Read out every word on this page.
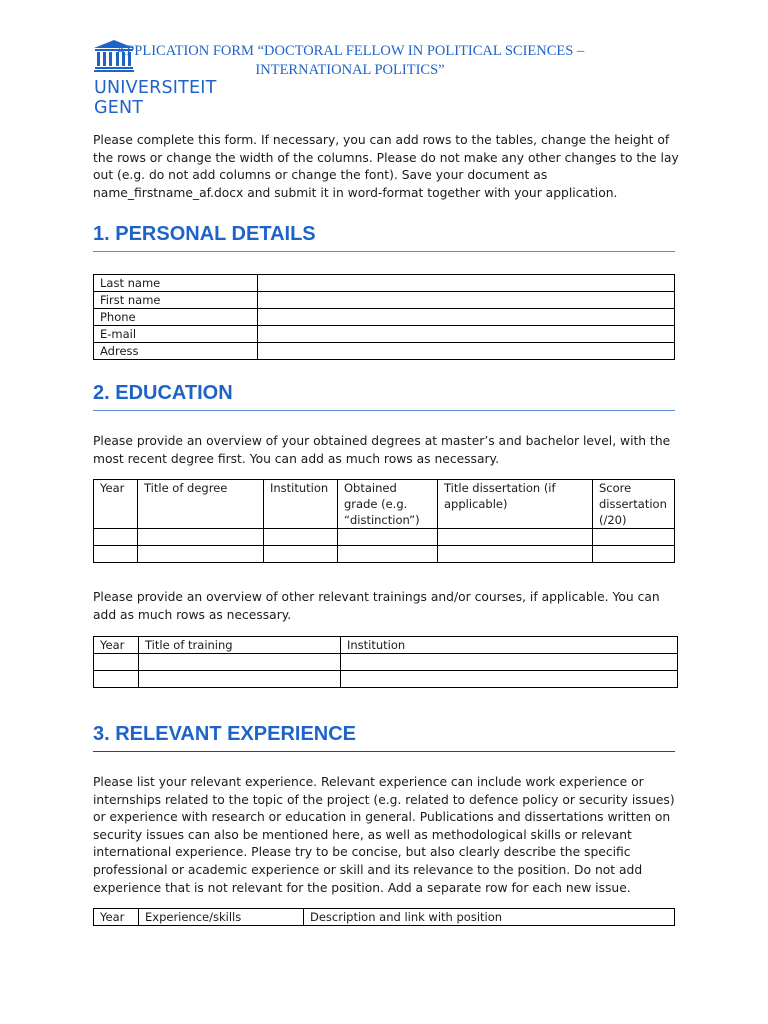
UNIVERSITEIT
GENT
APPLICATION FORM “DOCTORAL FELLOW IN POLITICAL SCIENCES – INTERNATIONAL POLITICS”

Please complete this form. If necessary, you can add rows to the tables, change the height of the rows or change the width of the columns. Please do not make any other changes to the lay out (e.g. do not add columns or change the font). Save your document as name_firstname_af.docx and submit it in word-format together with your application.

1. PERSONAL DETAILS
Last name	
First name	
Phone	
E-mail	
Adress	
2. EDUCATION

Please provide an overview of your obtained degrees at master’s and bachelor level, with the most recent degree first. You can add as much rows as necessary.

Year	Title of degree	Institution	Obtained grade (e.g. “distinction”)	Title dissertation (if applicable)	Score dissertation (/20)

Please provide an overview of other relevant trainings and/or courses, if applicable. You can add as much rows as necessary.

Year	Title of training	Institution

3. RELEVANT EXPERIENCE

Please list your relevant experience. Relevant experience can include work experience or internships related to the topic of the project (e.g. related to defence policy or security issues) or experience with research or education in general. Publications and dissertations written on security issues can also be mentioned here, as well as methodological skills or relevant international experience. Please try to be concise, but also clearly describe the specific professional or academic experience or skill and its relevance to the position. Do not add experience that is not relevant for the position. Add a separate row for each new issue.

Year	Experience/skills	Description and link with position
